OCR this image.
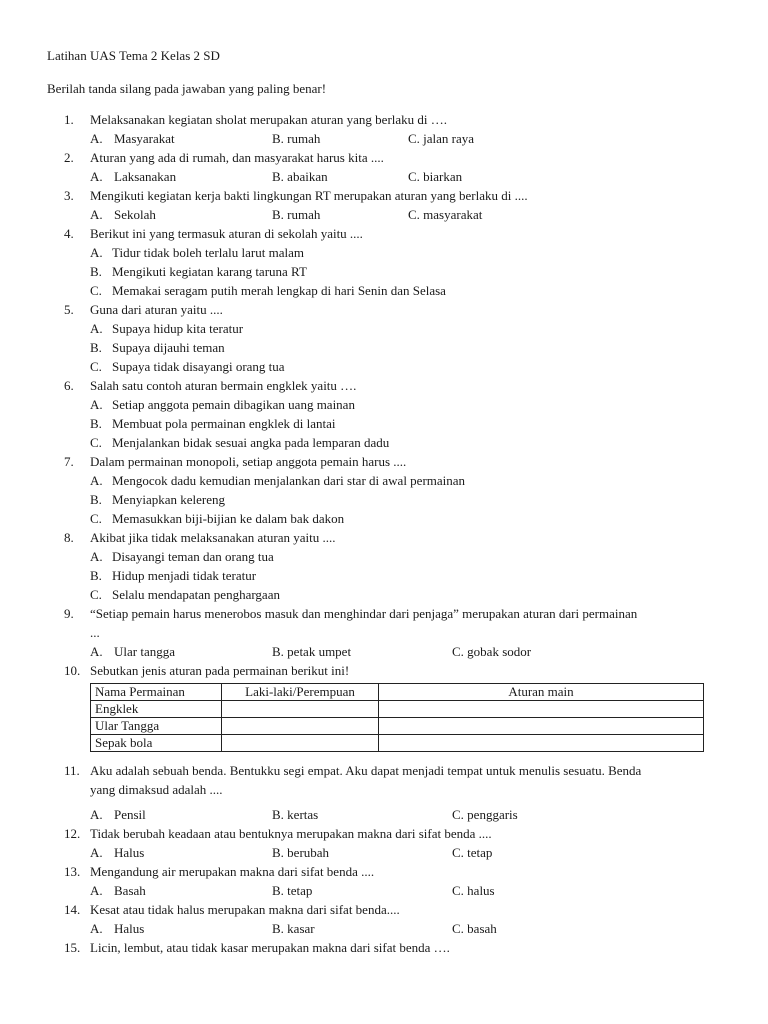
Latihan UAS Tema 2 Kelas 2 SD
Berilah tanda silang pada jawaban yang paling benar!
1. Melaksanakan kegiatan sholat merupakan aturan yang berlaku di ….
A. Masyarakat	B. rumah	C. jalan raya
2. Aturan yang ada di rumah, dan masyarakat harus kita ....
A. Laksanakan	B. abaikan	C. biarkan
3. Mengikuti kegiatan kerja bakti lingkungan RT merupakan aturan yang berlaku di ....
A. Sekolah	B. rumah	C. masyarakat
4. Berikut ini yang termasuk aturan di sekolah yaitu ....
A. Tidur tidak boleh terlalu larut malam
B. Mengikuti kegiatan karang taruna RT
C. Memakai seragam putih merah lengkap di hari Senin dan Selasa
5. Guna dari aturan yaitu ....
A. Supaya hidup kita teratur
B. Supaya dijauhi teman
C. Supaya tidak disayangi orang tua
6. Salah satu contoh aturan bermain engklek yaitu ….
A. Setiap anggota pemain dibagikan uang mainan
B. Membuat pola permainan engklek di lantai
C. Menjalankan bidak sesuai angka pada lemparan dadu
7. Dalam permainan monopoli, setiap anggota pemain harus ....
A. Mengocok dadu kemudian menjalankan dari star di awal permainan
B. Menyiapkan kelereng
C. Memasukkan biji-bijian ke dalam bak dakon
8. Akibat jika tidak melaksanakan aturan yaitu ....
A. Disayangi teman dan orang tua
B. Hidup menjadi tidak teratur
C. Selalu mendapatan penghargaan
9. “Setiap pemain harus menerobos masuk dan menghindar dari penjaga” merupakan aturan dari permainan
...
A. Ular tangga	B. petak umpet	C. gobak sodor
10. Sebutkan jenis aturan pada permainan berikut ini!
Nama Permainan	Laki-laki/Perempuan	Aturan main
Engklek		
Ular Tangga		
Sepak bola		
11. Aku adalah sebuah benda. Bentukku segi empat. Aku dapat menjadi tempat untuk menulis sesuatu. Benda
yang dimaksud adalah ....
A. Pensil	B. kertas	C. penggaris
12. Tidak berubah keadaan atau bentuknya merupakan makna dari sifat benda ....
A. Halus	B. berubah	C. tetap
13. Mengandung air merupakan makna dari sifat benda ....
A. Basah	B. tetap	C. halus
14. Kesat atau tidak halus merupakan makna dari sifat benda....
A. Halus	B. kasar	C. basah
15. Licin, lembut, atau tidak kasar merupakan makna dari sifat benda ….
